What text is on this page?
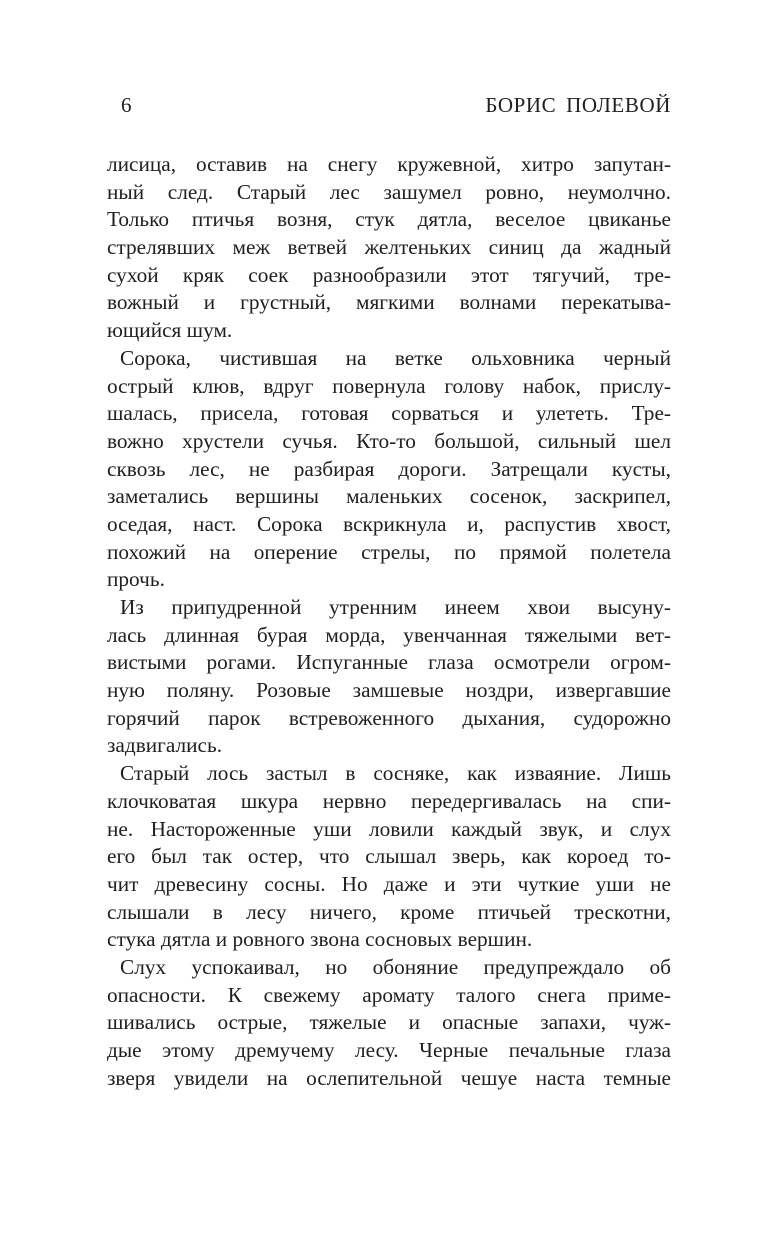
6	БОРИС ПОЛЕВОЙ
лисица, оставив на снегу кружевной, хитро запутан-
ный след. Старый лес зашумел ровно, неумолчно.
Только птичья возня, стук дятла, веселое цвиканье
стрелявших меж ветвей желтеньких синиц да жадный
сухой кряк соек разнообразили этот тягучий, тре-
вожный и грустный, мягкими волнами перекатыва-
ющийся шум.
Сорока, чистившая на ветке ольховника черный
острый клюв, вдруг повернула голову набок, прислу-
шалась, присела, готовая сорваться и улететь. Тре-
вожно хрустели сучья. Кто-то большой, сильный шел
сквозь лес, не разбирая дороги. Затрещали кусты,
заметались вершины маленьких сосенок, заскрипел,
оседая, наст. Сорока вскрикнула и, распустив хвост,
похожий на оперение стрелы, по прямой полетела
прочь.
Из припудренной утренним инеем хвои высуну-
лась длинная бурая морда, увенчанная тяжелыми вет-
вистыми рогами. Испуганные глаза осмотрели огром-
ную поляну. Розовые замшевые ноздри, извергавшие
горячий парок встревоженного дыхания, судорожно
задвигались.
Старый лось застыл в сосняке, как изваяние. Лишь
клочковатая шкура нервно передергивалась на спи-
не. Настороженные уши ловили каждый звук, и слух
его был так остер, что слышал зверь, как короед то-
чит древесину сосны. Но даже и эти чуткие уши не
слышали в лесу ничего, кроме птичьей трескотни,
стука дятла и ровного звона сосновых вершин.
Слух успокаивал, но обоняние предупреждало об
опасности. К свежему аромату талого снега приме-
шивались острые, тяжелые и опасные запахи, чуж-
дые этому дремучему лесу. Черные печальные глаза
зверя увидели на ослепительной чешуе наста темные
